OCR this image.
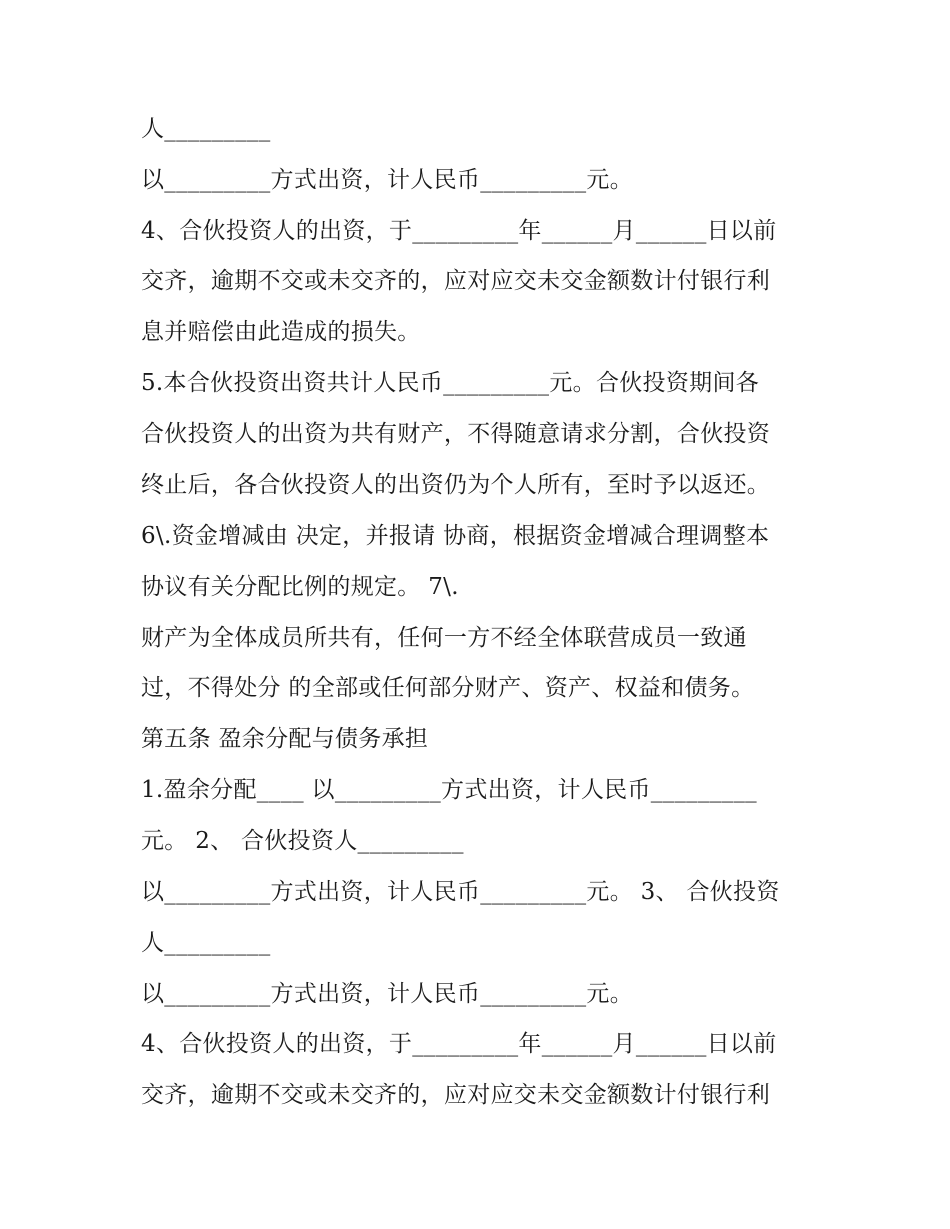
人_________
以_________方式出资，计人民币_________元。
4、合伙投资人的出资，于_________年______月______日以前
交齐，逾期不交或未交齐的，应对应交未交金额数计付银行利
息并赔偿由此造成的损失。
5.本合伙投资出资共计人民币_________元。合伙投资期间各
合伙投资人的出资为共有财产，不得随意请求分割，合伙投资
终止后，各合伙投资人的出资仍为个人所有，至时予以返还。
6\.资金增减由 决定，并报请 协商，根据资金增减合理调整本
协议有关分配比例的规定。 7\.
财产为全体成员所共有，任何一方不经全体联营成员一致通
过，不得处分 的全部或任何部分财产、资产、权益和债务。
第五条 盈余分配与债务承担
1.盈余分配____ 以_________方式出资，计人民币_________
元。 2、 合伙投资人_________
以_________方式出资，计人民币_________元。 3、 合伙投资
人_________
以_________方式出资，计人民币_________元。
4、合伙投资人的出资，于_________年______月______日以前
交齐，逾期不交或未交齐的，应对应交未交金额数计付银行利
